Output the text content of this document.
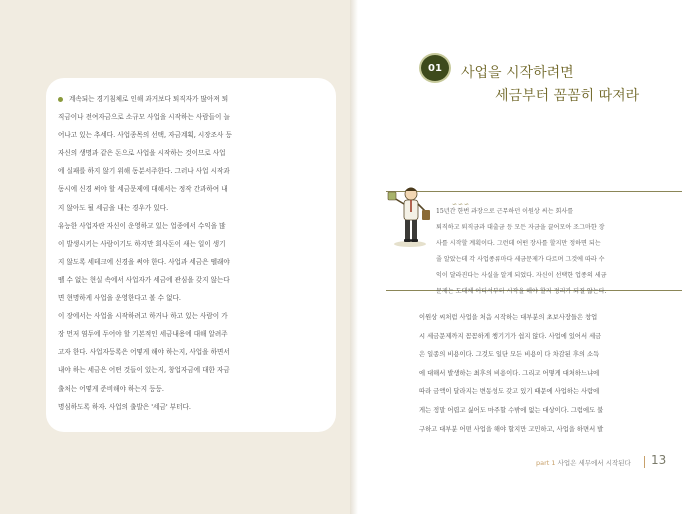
계속되는 경기침체로 인해 과거보다 퇴직자가 많아져 퇴
직금이나 전여자금으로 소규모 사업을 시작하는 사람들이 늘
어나고 있는 추세다. 사업종목의 선택, 자금계획, 시장조사 등
자신의 생명과 같은 돈으로 사업을 시작하는 것이므로 사업
에 실패를 하지 않기 위해 동분서주한다. 그러나 사업 시작과
동시에 신경 써야 할 세금문제에 대해서는 정작 간과하여 내
지 않아도 될 세금을 내는 경우가 있다.
유능한 사업자란 자신이 운영하고 있는 업종에서 수익을 많
이 발생시키는 사람이기도 하지만 회사돈이 새는 일이 생기
지 않도록 세테크에 신경을 써야 한다. 사업과 세금은 뗄래야
뗄 수 없는 현실 속에서 사업자가 세금에 관심을 갖지 않는다
면 현명하게 사업을 운영한다고 볼 수 없다.
이 장에서는 사업을 시작하려고 하거나 하고 있는 사람이 가
장 먼저 염두에 두어야 할 기본적인 세금내용에 대해 알려주
고자 한다. 사업자등록은 어떻게 해야 하는지, 사업을 하면서
내야 하는 세금은 어떤 것들이 있는지, 창업자금에 대한 자금
출처는 어떻게 준비해야 하는지 등등.
명심하도록 하자. 사업의 출발은 '세금' 부터다.

01	사업을 시작하려면
세금부터 꼼꼼히 따져라
∽∽∽
15년간 한번 과장으로 근무하던 이원상 씨는 회사를
퇴직하고 퇴직금과 대출금 등 모든 자금을 끌어모아 조그마한 장
사를 시작할 계획이다. 그런데 어떤 장사를 할지만 정하면 되는
줄 알았는데 각 사업종류마다 세금문제가 다르며 그것에 따라 수
익이 달라진다는 사실을 알게 되었다. 자신이 선택한 업종의 세금
문제는 도대체 어디서부터 시작을 해야 할지 정리가 되질 않는다.
이원상 씨처럼 사업을 처음 시작하는 대부분의 초보사장들은 창업
시 세금문제까지 꼼꼼하게 챙기기가 쉽지 않다. 사업에 있어서 세금
은 일종의 비용이다. 그것도 일단 모든 비용이 다 차감된 후의 소득
에 대해서 발생하는 최후의 비용이다. 그리고 어떻게 대처하느냐에
따라 금액이 달라지는 변동성도 갖고 있기 때문에 사업하는 사람에
게는 정말 어렵고 싫어도 마주할 수밖에 없는 대상이다. 그럼에도 불
구하고 대부분 어떤 사업을 해야 할지만 고민하고, 사업을 하면서 발
part 1 사업은 세무에서 시작된다 13
